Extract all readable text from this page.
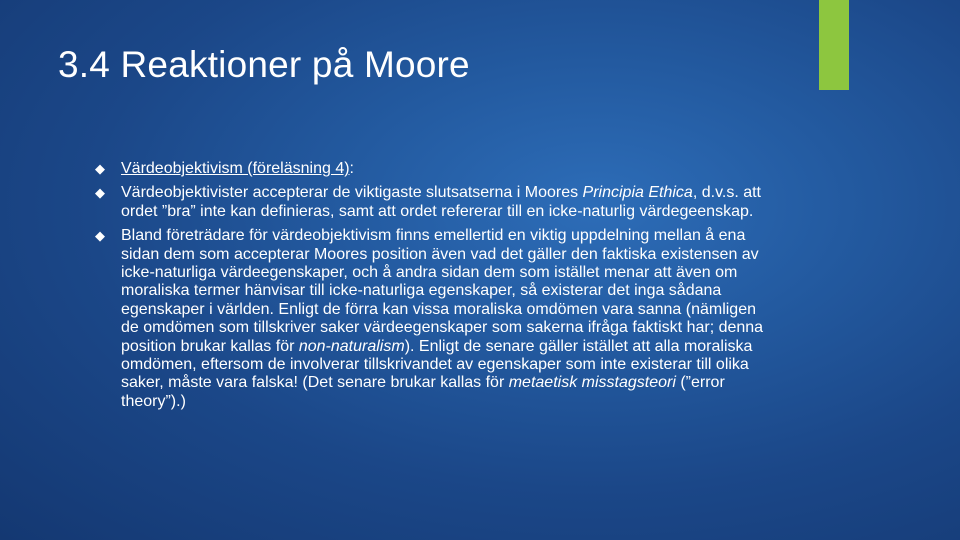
3.4 Reaktioner på Moore
◆ Värdeobjektivism (föreläsning 4):
◆ Värdeobjektivister accepterar de viktigaste slutsatserna i Moores Principia Ethica, d.v.s. att ordet ”bra” inte kan definieras, samt att ordet refererar till en icke-naturlig värdegeenskap.
◆ Bland företrädare för värdeobjektivism finns emellertid en viktig uppdelning mellan å ena sidan dem som accepterar Moores position även vad det gäller den faktiska existensen av icke-naturliga värdeegenskaper, och å andra sidan dem som istället menar att även om moraliska termer hänvisar till icke-naturliga egenskaper, så existerar det inga sådana egenskaper i världen. Enligt de förra kan vissa moraliska omdömen vara sanna (nämligen de omdömen som tillskriver saker värdeegenskaper som sakerna ifråga faktiskt har; denna position brukar kallas för non-naturalism). Enligt de senare gäller istället att alla moraliska omdömen, eftersom de involverar tillskrivandet av egenskaper som inte existerar till olika saker, måste vara falska! (Det senare brukar kallas för metaetisk misstagsteori (”error theory”).)
